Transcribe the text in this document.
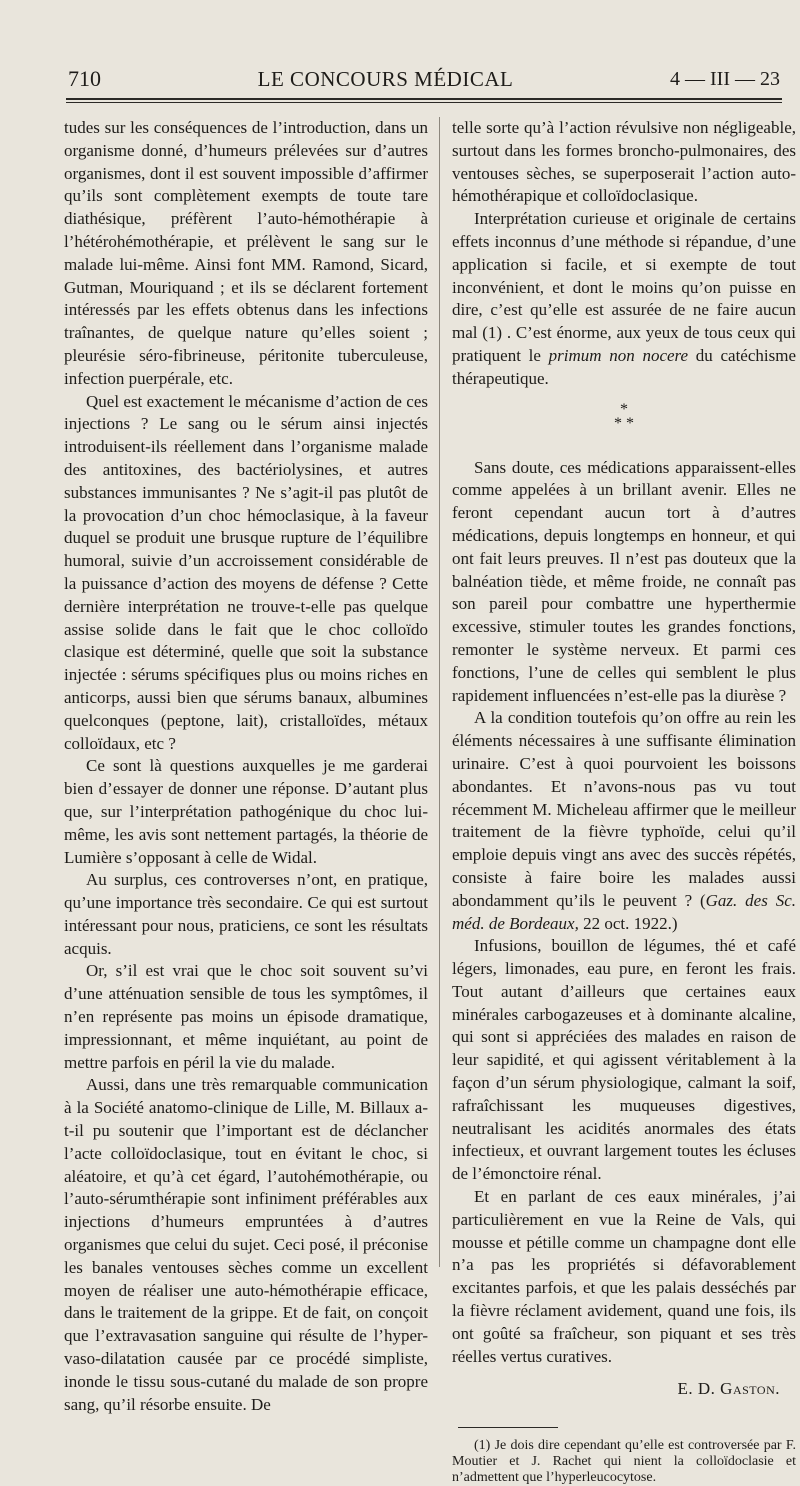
710	LE CONCOURS MÉDICAL	4 — III — 23

tudes sur les conséquences de l’introduction, dans un organisme donné, d’humeurs prélevées sur d’autres organismes, dont il est souvent impossible d’affirmer qu’ils sont complètement exempts de toute tare diathésique, préfèrent l’auto-hémothérapie à l’hétérohémothérapie, et prélèvent le sang sur le malade lui-même. Ainsi font MM. Ramond, Sicard, Gutman, Mouriquand ; et ils se déclarent fortement intéressés par les effets obtenus dans les infections traînantes, de quelque nature qu’elles soient ; pleurésie séro-fibrineuse, péritonite tuberculeuse, infection puerpérale, etc.

Quel est exactement le mécanisme d’action de ces injections ? Le sang ou le sérum ainsi injectés introduisent-ils réellement dans l’organisme malade des antitoxines, des bactériolysines, et autres substances immunisantes ? Ne s’agit-il pas plutôt de la provocation d’un choc hémoclasique, à la faveur duquel se produit une brusque rupture de l’équilibre humoral, suivie d’un accroissement considérable de la puissance d’action des moyens de défense ? Cette dernière interprétation ne trouve-t-elle pas quelque assise solide dans le fait que le choc colloïdo clasique est déterminé, quelle que soit la substance injectée : sérums spécifiques plus ou moins riches en anticorps, aussi bien que sérums banaux, albumines quelconques (peptone, lait), cristalloïdes, métaux colloïdaux, etc ?

Ce sont là questions auxquelles je me garderai bien d’essayer de donner une réponse. D’autant plus que, sur l’interprétation pathogénique du choc lui-même, les avis sont nettement partagés, la théorie de Lumière s’opposant à celle de Widal.

Au surplus, ces controverses n’ont, en pratique, qu’une importance très secondaire. Ce qui est surtout intéressant pour nous, praticiens, ce sont les résultats acquis.

Or, s’il est vrai que le choc soit souvent su’vi d’une atténuation sensible de tous les symptômes, il n’en représente pas moins un épisode dramatique, impressionnant, et même inquiétant, au point de mettre parfois en péril la vie du malade.

Aussi, dans une très remarquable communication à la Société anatomo-clinique de Lille, M. Billaux a-t-il pu soutenir que l’important est de déclancher l’acte colloïdoclasique, tout en évitant le choc, si aléatoire, et qu’à cet égard, l’autohémothérapie, ou l’auto-sérumthérapie sont infiniment préférables aux injections d’humeurs empruntées à d’autres organismes que celui du sujet. Ceci posé, il préconise les banales ventouses sèches comme un excellent moyen de réaliser une auto-hémothérapie efficace, dans le traitement de la grippe. Et de fait, on conçoit que l’extravasation sanguine qui résulte de l’hyper-vaso-dilatation causée par ce procédé simpliste, inonde le tissu sous-cutané du malade de son propre sang, qu’il résorbe ensuite. De

telle sorte qu’à l’action révulsive non négligeable, surtout dans les formes broncho-pulmonaires, des ventouses sèches, se superposerait l’action auto-hémothérapique et colloïdoclasique.

Interprétation curieuse et originale de certains effets inconnus d’une méthode si répandue, d’une application si facile, et si exempte de tout inconvénient, et dont le moins qu’on puisse en dire, c’est qu’elle est assurée de ne faire aucun mal (1) . C’est énorme, aux yeux de tous ceux qui pratiquent le primum non nocere du catéchisme thérapeutique.

*
* *

Sans doute, ces médications apparaissent-elles comme appelées à un brillant avenir. Elles ne feront cependant aucun tort à d’autres médications, depuis longtemps en honneur, et qui ont fait leurs preuves. Il n’est pas douteux que la balnéation tiède, et même froide, ne connaît pas son pareil pour combattre une hyperthermie excessive, stimuler toutes les grandes fonctions, remonter le système nerveux. Et parmi ces fonctions, l’une de celles qui semblent le plus rapidement influencées n’est-elle pas la diurèse ?

A la condition toutefois qu’on offre au rein les éléments nécessaires à une suffisante élimination urinaire. C’est à quoi pourvoient les boissons abondantes. Et n’avons-nous pas vu tout récemment M. Micheleau affirmer que le meilleur traitement de la fièvre typhoïde, celui qu’il emploie depuis vingt ans avec des succès répétés, consiste à faire boire les malades aussi abondamment qu’ils le peuvent ? (Gaz. des Sc. méd. de Bordeaux, 22 oct. 1922.)

Infusions, bouillon de légumes, thé et café légers, limonades, eau pure, en feront les frais. Tout autant d’ailleurs que certaines eaux minérales carbogazeuses et à dominante alcaline, qui sont si appréciées des malades en raison de leur sapidité, et qui agissent véritablement à la façon d’un sérum physiologique, calmant la soif, rafraîchissant les muqueuses digestives, neutralisant les acidités anormales des états infectieux, et ouvrant largement toutes les écluses de l’émonctoire rénal.

Et en parlant de ces eaux minérales, j’ai particulièrement en vue la Reine de Vals, qui mousse et pétille comme un champagne dont elle n’a pas les propriétés si défavorablement excitantes parfois, et que les palais desséchés par la fièvre réclament avidement, quand une fois, ils ont goûté sa fraîcheur, son piquant et ses très réelles vertus curatives.

E. D. Gaston.

(1) Je dois dire cependant qu’elle est controversée par F. Moutier et J. Rachet qui nient la colloïdoclasie et n’admettent que l’hyperleucocytose.
